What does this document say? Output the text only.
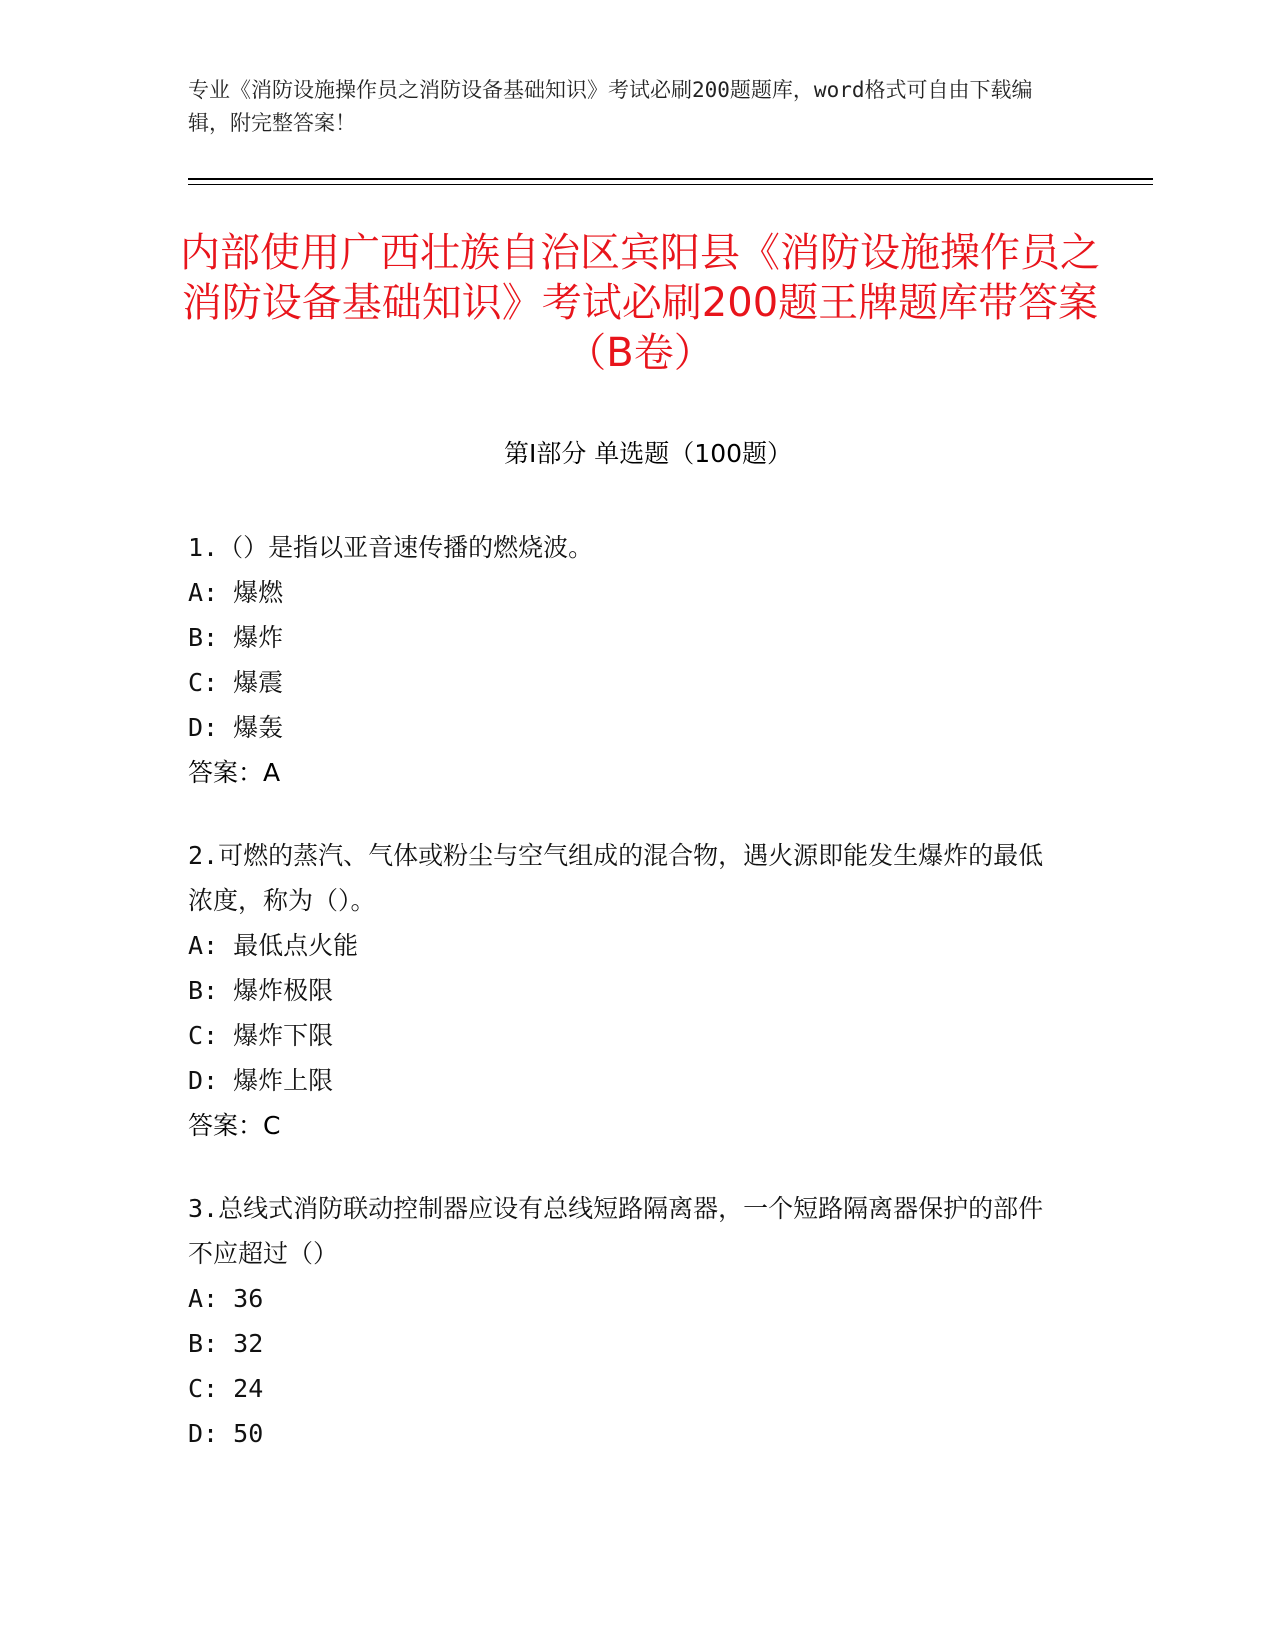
专业《消防设施操作员之消防设备基础知识》考试必刷200题题库，word格式可自由下载编辑，附完整答案！
内部使用广西壮族自治区宾阳县《消防设施操作员之消防设备基础知识》考试必刷200题王牌题库带答案（B卷）
第I部分 单选题（100题）
1.（）是指以亚音速传播的燃烧波。
A: 爆燃
B: 爆炸
C: 爆震
D: 爆轰
答案：A
2.可燃的蒸汽、气体或粉尘与空气组成的混合物，遇火源即能发生爆炸的最低浓度，称为（）。
A: 最低点火能
B: 爆炸极限
C: 爆炸下限
D: 爆炸上限
答案：C
3.总线式消防联动控制器应设有总线短路隔离器，一个短路隔离器保护的部件不应超过（）
A: 36
B: 32
C: 24
D: 50
